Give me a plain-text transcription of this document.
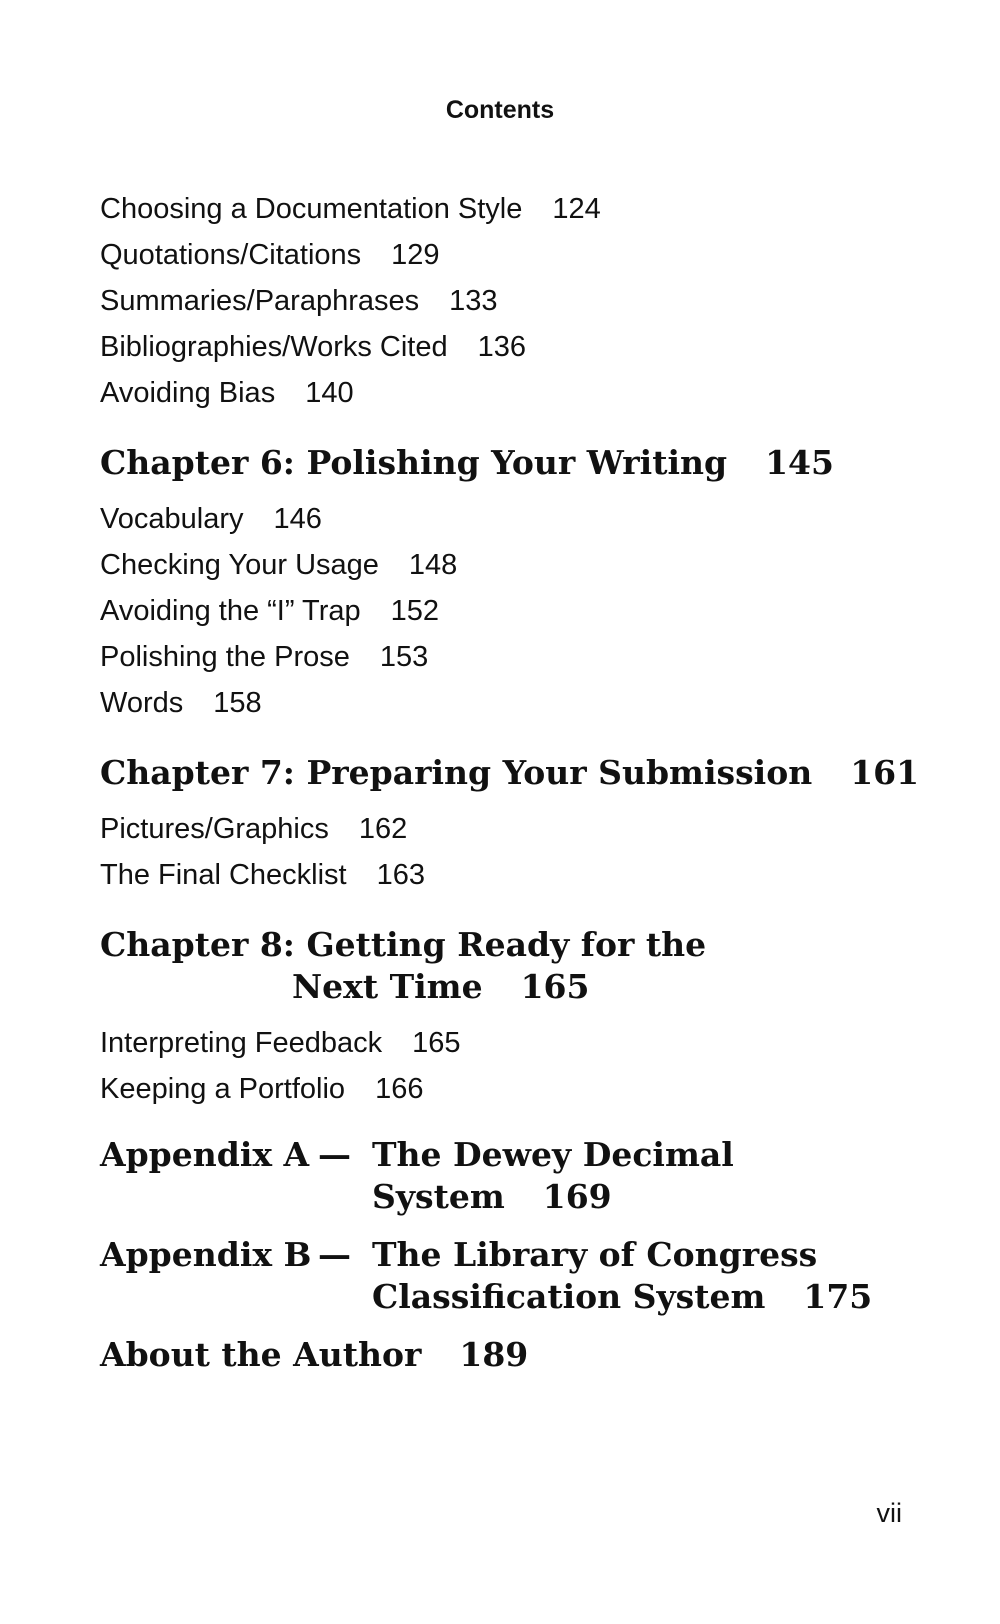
Contents
Choosing a Documentation Style 124
Quotations/Citations 129
Summaries/Paraphrases 133
Bibliographies/Works Cited 136
Avoiding Bias 140
Chapter 6: Polishing Your Writing 145
Vocabulary 146
Checking Your Usage 148
Avoiding the “I” Trap 152
Polishing the Prose 153
Words 158
Chapter 7: Preparing Your Submission 161
Pictures/Graphics 162
The Final Checklist 163
Chapter 8: Getting Ready for the
Next Time 165
Interpreting Feedback 165
Keeping a Portfolio 166
Appendix A — The Dewey Decimal
System 169
Appendix B — The Library of Congress
Classification System 175
About the Author 189
vii
